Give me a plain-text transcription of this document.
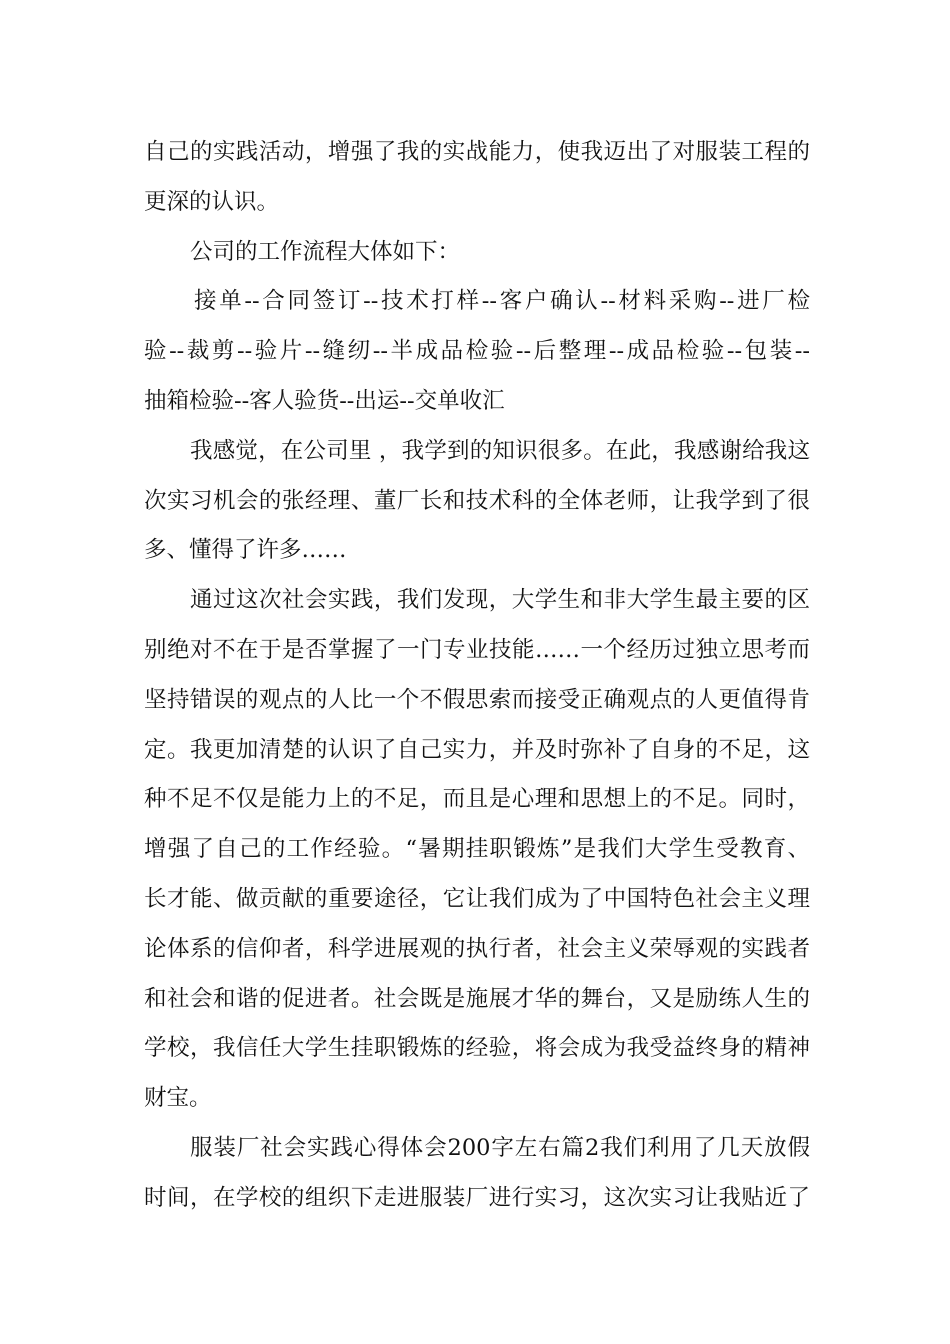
自己的实践活动，增强了我的实战能力，使我迈出了对服装工程的
更深的认识。
公司的工作流程大体如下：
接单--合同签订--技术打样--客户确认--材料采购--进厂检
验--裁剪--验片--缝纫--半成品检验--后整理--成品检验--包装--
抽箱检验--客人验货--出运--交单收汇
我感觉，在公司里 ，我学到的知识很多。在此，我感谢给我这
次实习机会的张经理、董厂长和技术科的全体老师，让我学到了很
多、懂得了许多……
通过这次社会实践，我们发现，大学生和非大学生最主要的区
别绝对不在于是否掌握了一门专业技能……一个经历过独立思考而
坚持错误的观点的人比一个不假思索而接受正确观点的人更值得肯
定。我更加清楚的认识了自己实力，并及时弥补了自身的不足，这
种不足不仅是能力上的不足，而且是心理和思想上的不足。同时，
增强了自己的工作经验。“暑期挂职锻炼”是我们大学生受教育、
长才能、做贡献的重要途径，它让我们成为了中国特色社会主义理
论体系的信仰者，科学进展观的执行者，社会主义荣辱观的实践者
和社会和谐的促进者。社会既是施展才华的舞台，又是励练人生的
学校，我信任大学生挂职锻炼的经验，将会成为我受益终身的精神
财宝。
服装厂社会实践心得体会200字左右篇2我们利用了几天放假
时间，在学校的组织下走进服装厂进行实习，这次实习让我贴近了
